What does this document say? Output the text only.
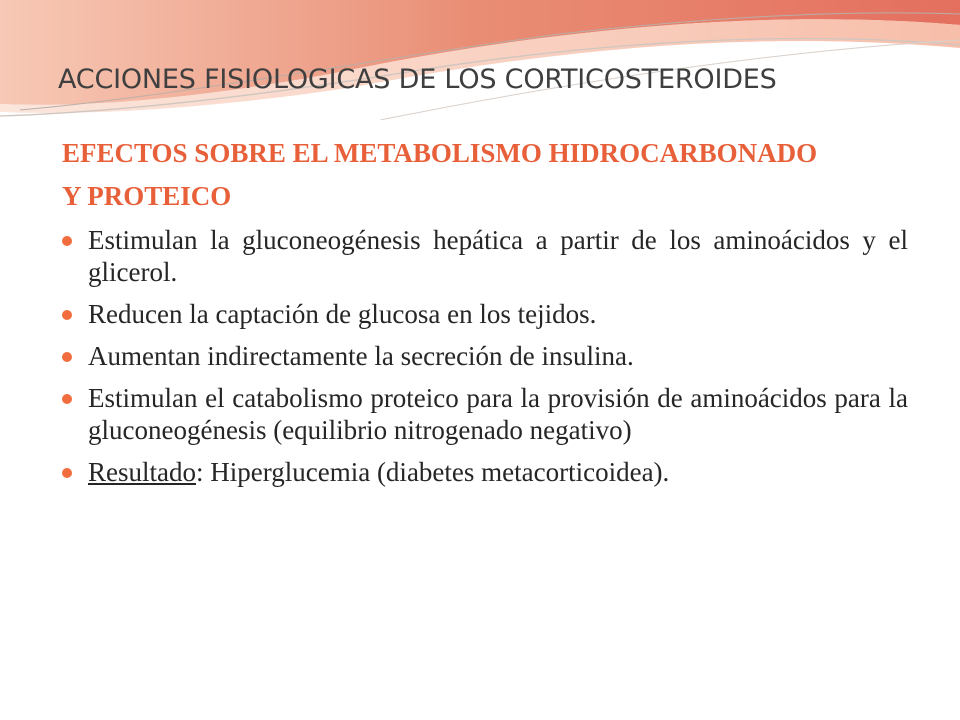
ACCIONES FISIOLOGICAS DE LOS CORTICOSTEROIDES
EFECTOS SOBRE EL METABOLISMO HIDROCARBONADO
Y PROTEICO
Estimulan la gluconeogénesis hepática a partir de los aminoácidos y el glicerol.
Reducen la captación de glucosa en los tejidos.
Aumentan indirectamente la secreción de insulina.
Estimulan el catabolismo proteico para la provisión de aminoácidos para la gluconeogénesis (equilibrio nitrogenado negativo)
Resultado: Hiperglucemia (diabetes metacorticoidea).
